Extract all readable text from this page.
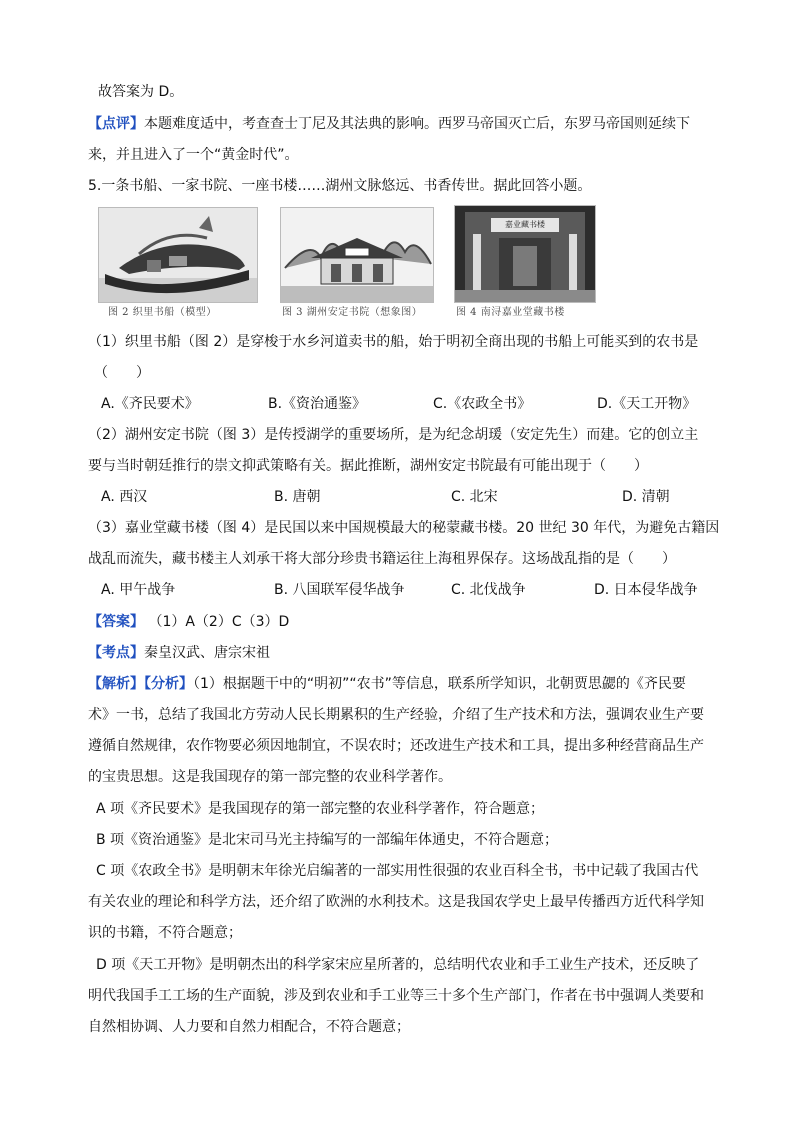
故答案为 D。
【点评】本题难度适中，考查查士丁尼及其法典的影响。西罗马帝国灭亡后，东罗马帝国则延续下
来，并且进入了一个“黄金时代”。
5.一条书船、一家书院、一座书楼……湖州文脉悠远、书香传世。据此回答小题。
图 2 织里书船（模型）	图 3 湖州安定书院（想象图）
嘉业藏书楼
图 4 南浔嘉业堂藏书楼
（1）织里书船（图 2）是穿梭于水乡河道卖书的船，始于明初全商出现的书船上可能买到的农书是
（　　）
A.《齐民要术》	B.《资治通鉴》	C.《农政全书》	D.《天工开物》
（2）湖州安定书院（图 3）是传授湖学的重要场所，是为纪念胡瑗（安定先生）而建。它的创立主
要与当时朝廷推行的崇文抑武策略有关。据此推断，湖州安定书院最有可能出现于（　　）
A. 西汉	B. 唐朝	C. 北宋	D. 清朝
（3）嘉业堂藏书楼（图 4）是民国以来中国规模最大的秘蒙藏书楼。20 世纪 30 年代，为避免古籍因
战乱而流失，藏书楼主人刘承干将大部分珍贵书籍运往上海租界保存。这场战乱指的是（　　）
A. 甲午战争	B. 八国联军侵华战争	C. 北伐战争	D. 日本侵华战争
【答案】 （1）A（2）C（3）D
【考点】秦皇汉武、唐宗宋祖
【解析】【分析】（1）根据题干中的“明初”“农书”等信息，联系所学知识，北朝贾思勰的《齐民要
术》一书，总结了我国北方劳动人民长期累积的生产经验，介绍了生产技术和方法，强调农业生产要
遵循自然规律，农作物要必须因地制宜，不误农时；还改进生产技术和工具，提出多种经营商品生产
的宝贵思想。这是我国现存的第一部完整的农业科学著作。
A 项《齐民要术》是我国现存的第一部完整的农业科学著作，符合题意；
B 项《资治通鉴》是北宋司马光主持编写的一部编年体通史，不符合题意；
C 项《农政全书》是明朝末年徐光启编著的一部实用性很强的农业百科全书，书中记载了我国古代
有关农业的理论和科学方法，还介绍了欧洲的水利技术。这是我国农学史上最早传播西方近代科学知
识的书籍，不符合题意；
D 项《天工开物》是明朝杰出的科学家宋应星所著的，总结明代农业和手工业生产技术，还反映了
明代我国手工工场的生产面貌，涉及到农业和手工业等三十多个生产部门，作者在书中强调人类要和
自然相协调、人力要和自然力相配合，不符合题意；
